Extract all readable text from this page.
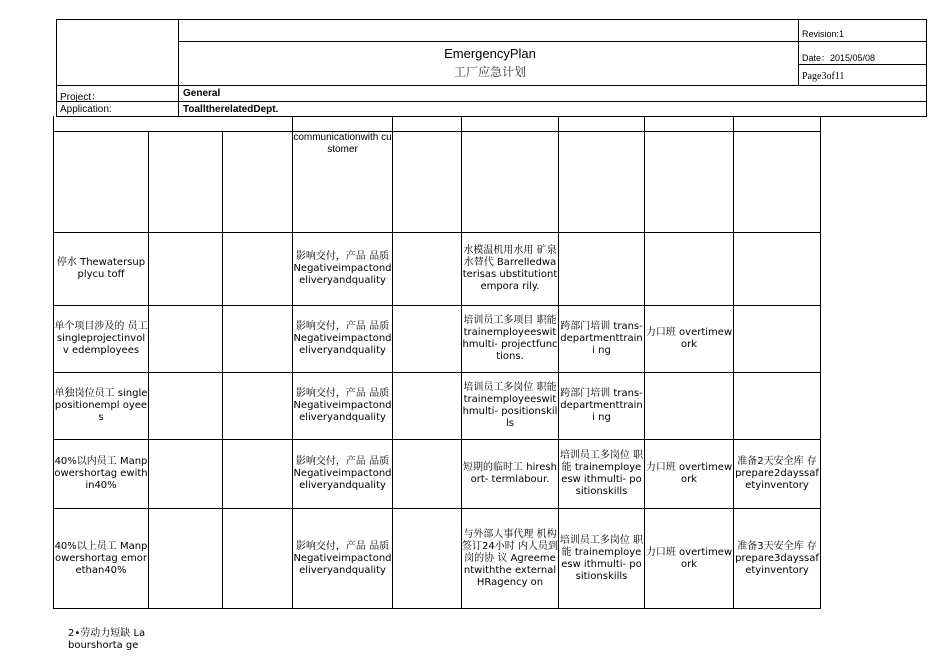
Revision:1
EmergencyPlan
工厂应急计划
Date：2015/05/08
Page3of11
Project：	General
Application:	ToalltherelatedDept.
communicationwith customer
停水 Thewatersupplycu toff
影响交付，产品 品质 Negativeimpactond eliveryandquality
水模温机用水用 矿泉水替代 Barrelledwaterisas ubstitutiontempora rily.
单个项目涉及的 员工 singleprojectinvolv edemployees
影响交付，产品 品质 Negativeimpactond eliveryandquality
培训员工多项目 职能 trainemployeeswit hmulti- projectfunctions.
跨部门培训 trans- departmenttraini ng
力口班 overtimework
单独岗位员工 singlepositionempl oyees
影响交付，产品 品质 Negativeimpactond eliveryandquality
培训员工多岗位 职能 trainemployeeswit hmulti- positionskills
跨部门培训 trans- departmenttraini ng
40%以内员工 Manpowershortag ewithin40%
影响交付，产品 品质 Negativeimpactond eliveryandquality
短期的临时工 hireshort- termlabour.
培训员工多岗位 职能 trainemployeesw ithmulti- positionskills
力口班 overtimework
准备2天安全库 存 prepare2dayssaf etyinventory
40%以上员工 Manpowershortag emorethan40%
影响交付，产品 品质 Negativeimpactond eliveryandquality
与外部人事代理 机构签订24小时 内人员到岗的协 议 Agreementwiththe externalHRagency on
培训员工多岗位 职能 trainemployeesw ithmulti- positionskills
力口班 overtimework
准备3天安全库 存 prepare3dayssaf etyinventory
2•劳动力短缺 Labourshorta ge
